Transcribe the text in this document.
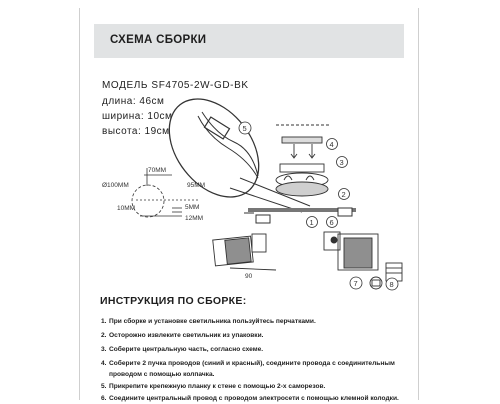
СХЕМА СБОРКИ
МОДЕЛЬ SF4705-2W-GD-BK
длина: 46см
ширина: 10см
высота: 19см
70MM
Ø100MM	95MM
10MM	5MM
12MM
90
5
4
3
2
1 6
7	8
ИНСТРУКЦИЯ ПО СБОРКЕ:
1. При сборке и установке светильника пользуйтесь перчатками.
2. Осторожно извлеките светильник из упаковки.
3. Соберите центральную часть, согласно схеме.
4. Соберите 2 пучка проводов (синий и красный), соедините провода с соединительным
проводом с помощью колпачка.
5. Прикрепите крепежную планку к стене с помощью 2-х саморезов.
6. Соедините центральный провод с проводом электросети с помощью клемной колодки.
